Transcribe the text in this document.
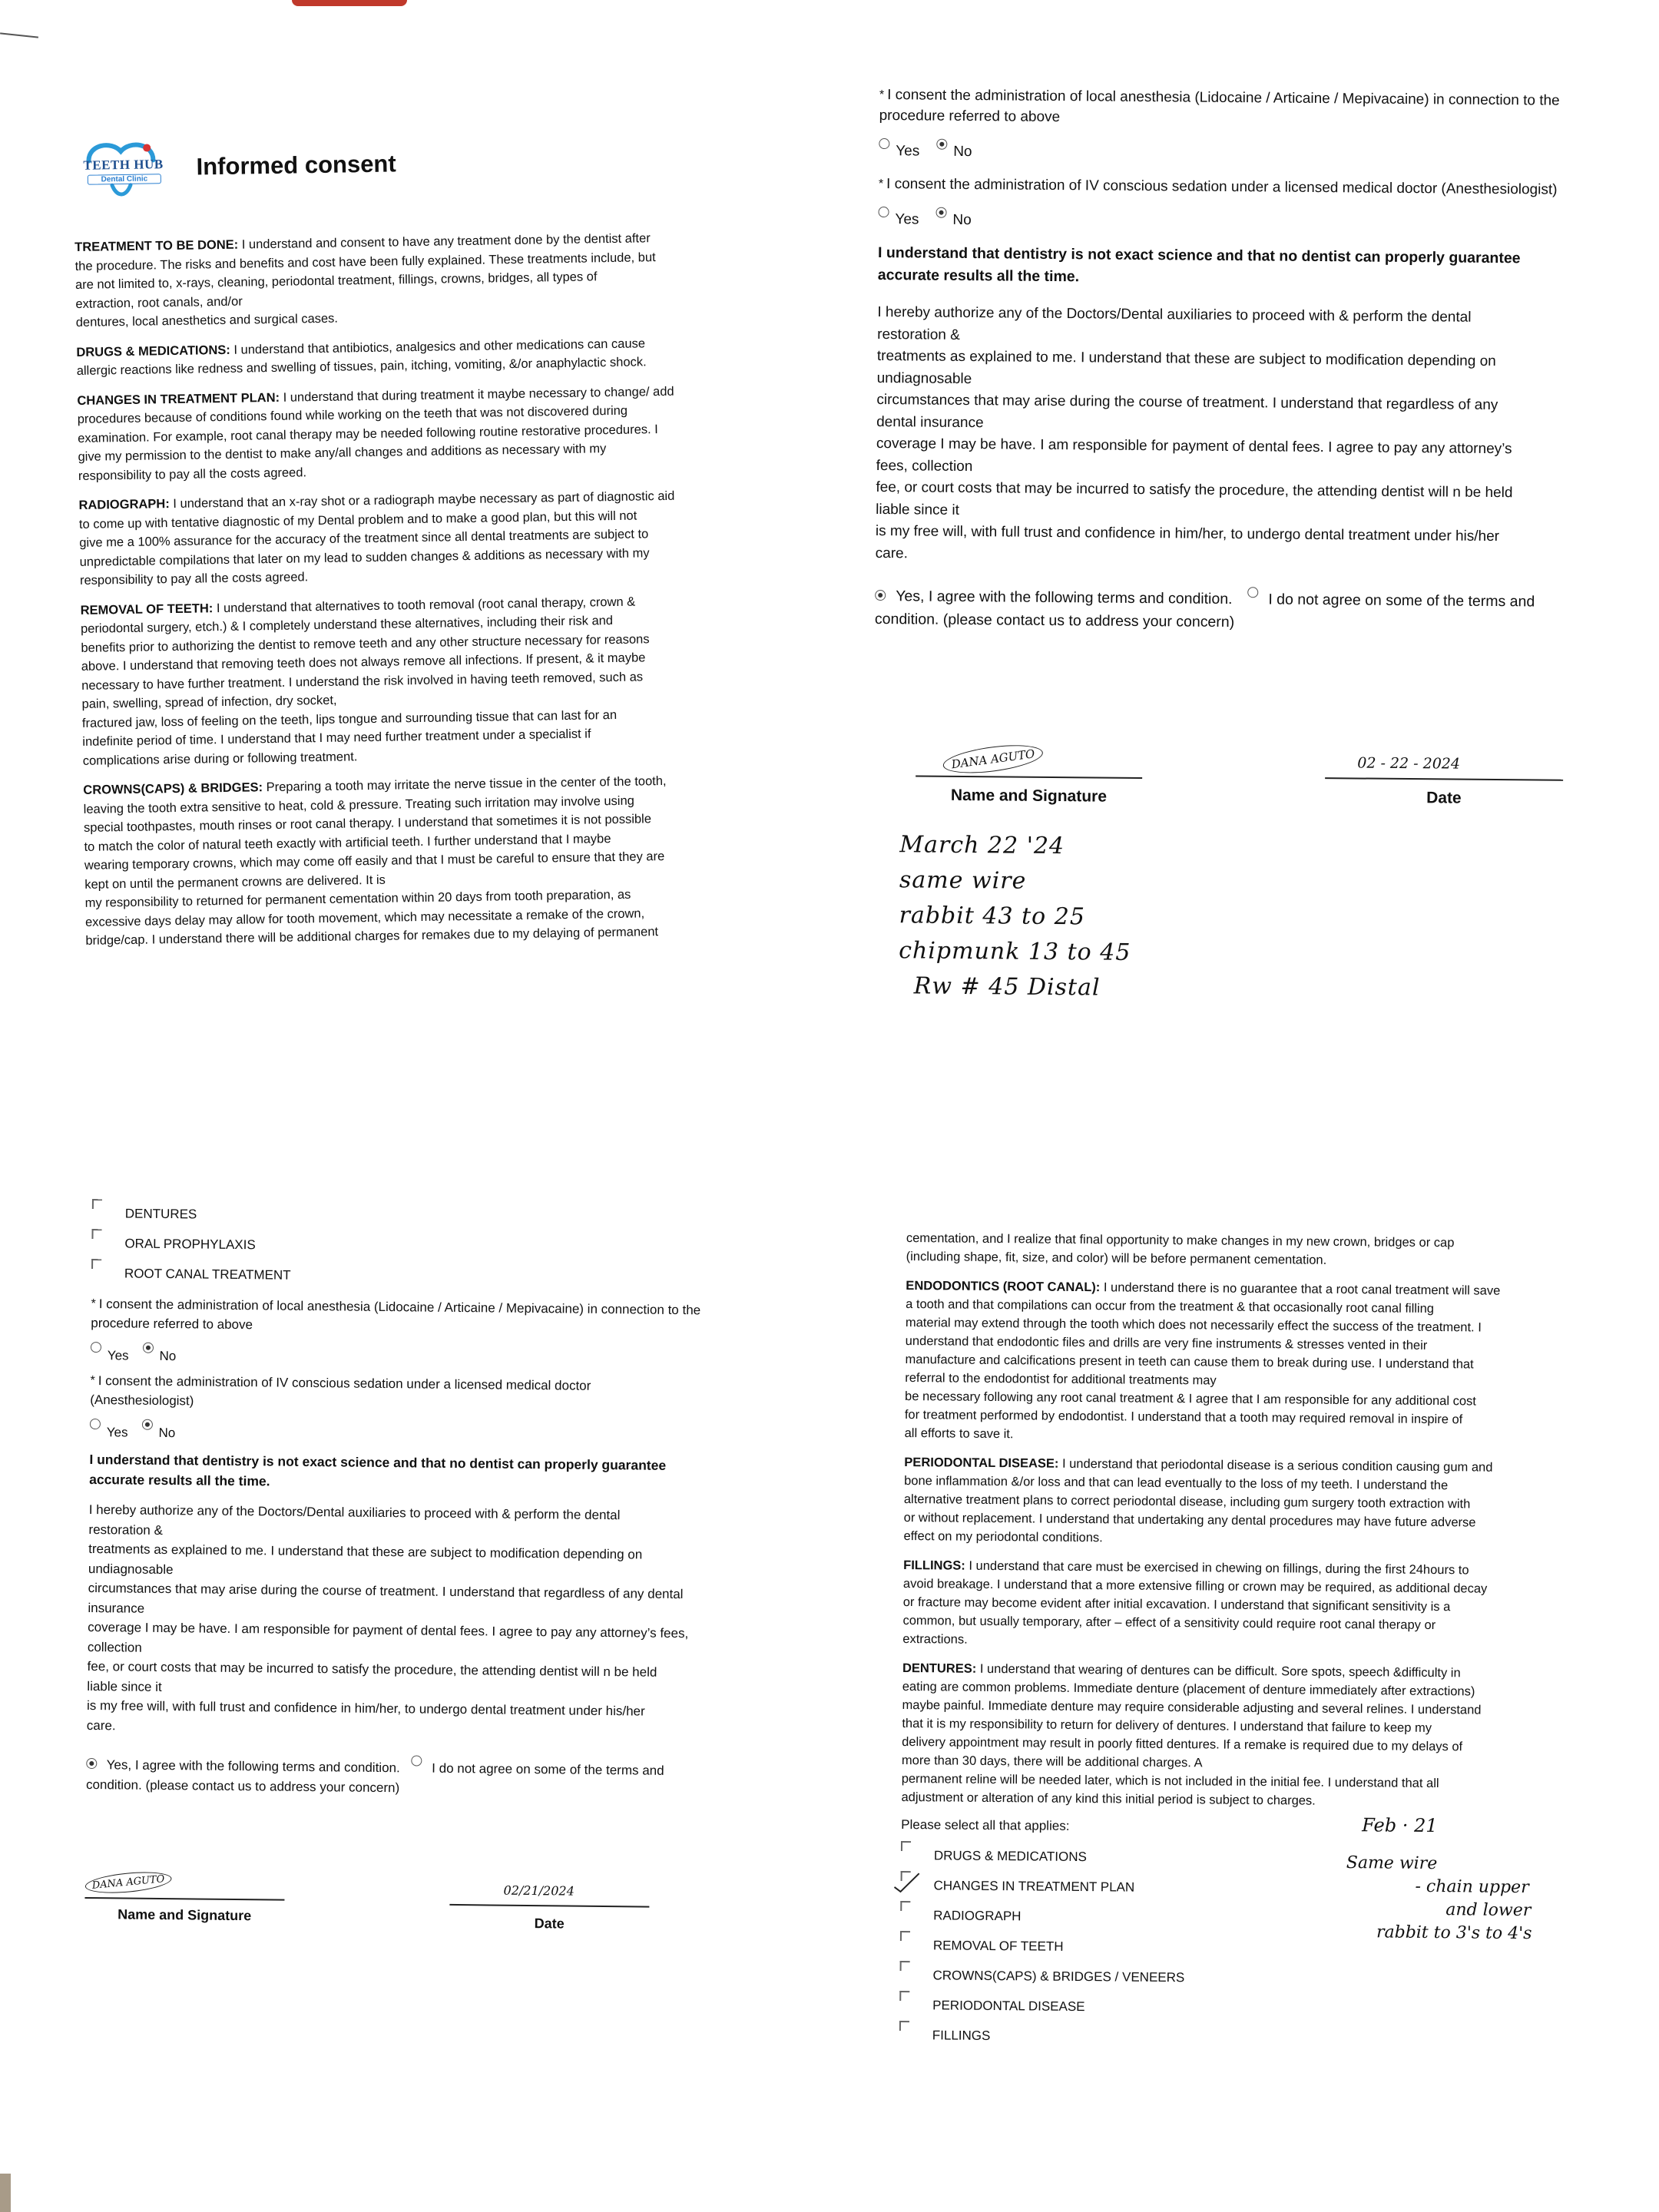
TEETH HUB
Dental Clinic	Informed consent

TREATMENT TO BE DONE: I understand and consent to have any treatment done by the dentist after
the procedure. The risks and benefits and cost have been fully explained. These treatments include, but
are not limited to, x-rays, cleaning, periodontal treatment, fillings, crowns, bridges, all types of
extraction, root canals, and/or
dentures, local anesthetics and surgical cases.

DRUGS & MEDICATIONS: I understand that antibiotics, analgesics and other medications can cause
allergic reactions like redness and swelling of tissues, pain, itching, vomiting, &/or anaphylactic shock.

CHANGES IN TREATMENT PLAN: I understand that during treatment it maybe necessary to change/ add
procedures because of conditions found while working on the teeth that was not discovered during
examination. For example, root canal therapy may be needed following routine restorative procedures. I
give my permission to the dentist to make any/all changes and additions as necessary with my
responsibility to pay all the costs agreed.

RADIOGRAPH: I understand that an x-ray shot or a radiograph maybe necessary as part of diagnostic aid
to come up with tentative diagnostic of my Dental problem and to make a good plan, but this will not
give me a 100% assurance for the accuracy of the treatment since all dental treatments are subject to
unpredictable compilations that later on my lead to sudden changes & additions as necessary with my
responsibility to pay all the costs agreed.

REMOVAL OF TEETH: I understand that alternatives to tooth removal (root canal therapy, crown &
periodontal surgery, etch.) & I completely understand these alternatives, including their risk and
benefits prior to authorizing the dentist to remove teeth and any other structure necessary for reasons
above. I understand that removing teeth does not always remove all infections. If present, & it maybe
necessary to have further treatment. I understand the risk involved in having teeth removed, such as
pain, swelling, spread of infection, dry socket,
fractured jaw, loss of feeling on the teeth, lips tongue and surrounding tissue that can last for an
indefinite period of time. I understand that I may need further treatment under a specialist if
complications arise during or following treatment.

CROWNS(CAPS) & BRIDGES: Preparing a tooth may irritate the nerve tissue in the center of the tooth,
leaving the tooth extra sensitive to heat, cold & pressure. Treating such irritation may involve using
special toothpastes, mouth rinses or root canal therapy. I understand that sometimes it is not possible
to match the color of natural teeth exactly with artificial teeth. I further understand that I maybe
wearing temporary crowns, which may come off easily and that I must be careful to ensure that they are
kept on until the permanent crowns are delivered. It is
my responsibility to returned for permanent cementation within 20 days from tooth preparation, as
excessive days delay may allow for tooth movement, which may necessitate a remake of the crown,
bridge/cap. I understand there will be additional charges for remakes due to my delaying of permanent

* I consent the administration of local anesthesia (Lidocaine / Articaine / Mepivacaine) in connection to the procedure referred to above

Yes No

* I consent the administration of IV conscious sedation under a licensed medical doctor (Anesthesiologist)

Yes No

I understand that dentistry is not exact science and that no dentist can properly guarantee accurate results all the time.

I hereby authorize any of the Doctors/Dental auxiliaries to proceed with & perform the dental
restoration &
treatments as explained to me. I understand that these are subject to modification depending on
undiagnosable
circumstances that may arise during the course of treatment. I understand that regardless of any
dental insurance
coverage I may be have. I am responsible for payment of dental fees. I agree to pay any attorney’s
fees, collection
fee, or court costs that may be incurred to satisfy the procedure, the attending dentist will n be held
liable since it
is my free will, with full trust and confidence in him/her, to undergo dental treatment under his/her
care.

Yes, I agree with the following terms and condition. I do not agree on some of the terms and condition. (please contact us to address your concern)
DANA AGUTO
Name and Signature
02 - 22 - 2024
Date
March 22 '24
same wire
rabbit 43 to 25
chipmunk 13 to 45
Rw # 45 Distal
DENTURES
ORAL PROPHYLAXIS
ROOT CANAL TREATMENT

* I consent the administration of local anesthesia (Lidocaine / Articaine / Mepivacaine) in connection to the procedure referred to above

Yes No

* I consent the administration of IV conscious sedation under a licensed medical doctor (Anesthesiologist)

Yes No

I understand that dentistry is not exact science and that no dentist can properly guarantee accurate results all the time.

I hereby authorize any of the Doctors/Dental auxiliaries to proceed with & perform the dental
restoration &
treatments as explained to me. I understand that these are subject to modification depending on
undiagnosable
circumstances that may arise during the course of treatment. I understand that regardless of any dental
insurance
coverage I may be have. I am responsible for payment of dental fees. I agree to pay any attorney’s fees,
collection
fee, or court costs that may be incurred to satisfy the procedure, the attending dentist will n be held
liable since it
is my free will, with full trust and confidence in him/her, to undergo dental treatment under his/her
care.

Yes, I agree with the following terms and condition. I do not agree on some of the terms and condition. (please contact us to address your concern)
DANA AGUTO
Name and Signature
02/21/2024
Date

cementation, and I realize that final opportunity to make changes in my new crown, bridges or cap
(including shape, fit, size, and color) will be before permanent cementation.

ENDODONTICS (ROOT CANAL): I understand there is no guarantee that a root canal treatment will save
a tooth and that compilations can occur from the treatment & that occasionally root canal filling
material may extend through the tooth which does not necessarily effect the success of the treatment. I
understand that endodontic files and drills are very fine instruments & stresses vented in their
manufacture and calcifications present in teeth can cause them to break during use. I understand that
referral to the endodontist for additional treatments may
be necessary following any root canal treatment & I agree that I am responsible for any additional cost
for treatment performed by endodontist. I understand that a tooth may required removal in inspire of
all efforts to save it.

PERIODONTAL DISEASE: I understand that periodontal disease is a serious condition causing gum and
bone inflammation &/or loss and that can lead eventually to the loss of my teeth. I understand the
alternative treatment plans to correct periodontal disease, including gum surgery tooth extraction with
or without replacement. I understand that undertaking any dental procedures may have future adverse
effect on my periodontal conditions.

FILLINGS: I understand that care must be exercised in chewing on fillings, during the first 24hours to
avoid breakage. I understand that a more extensive filling or crown may be required, as additional decay
or fracture may become evident after initial excavation. I understand that significant sensitivity is a
common, but usually temporary, after – effect of a sensitivity could require root canal therapy or
extractions.

DENTURES: I understand that wearing of dentures can be difficult. Sore spots, speech &difficulty in
eating are common problems. Immediate denture (placement of denture immediately after extractions)
maybe painful. Immediate denture may require considerable adjusting and several relines. I understand
that it is my responsibility to return for delivery of dentures. I understand that failure to keep my
delivery appointment may result in poorly fitted dentures. If a remake is required due to my delays of
more than 30 days, there will be additional charges. A
permanent reline will be needed later, which is not included in the initial fee. I understand that all
adjustment or alteration of any kind this initial period is subject to charges.

Please select all that applies:
DRUGS & MEDICATIONS
CHANGES IN TREATMENT PLAN
RADIOGRAPH
REMOVAL OF TEETH
CROWNS(CAPS) & BRIDGES / VENEERS
PERIODONTAL DISEASE
FILLINGS
Feb · 21
Same wire
- chain upper
and lower
rabbit to 3's to 4's
